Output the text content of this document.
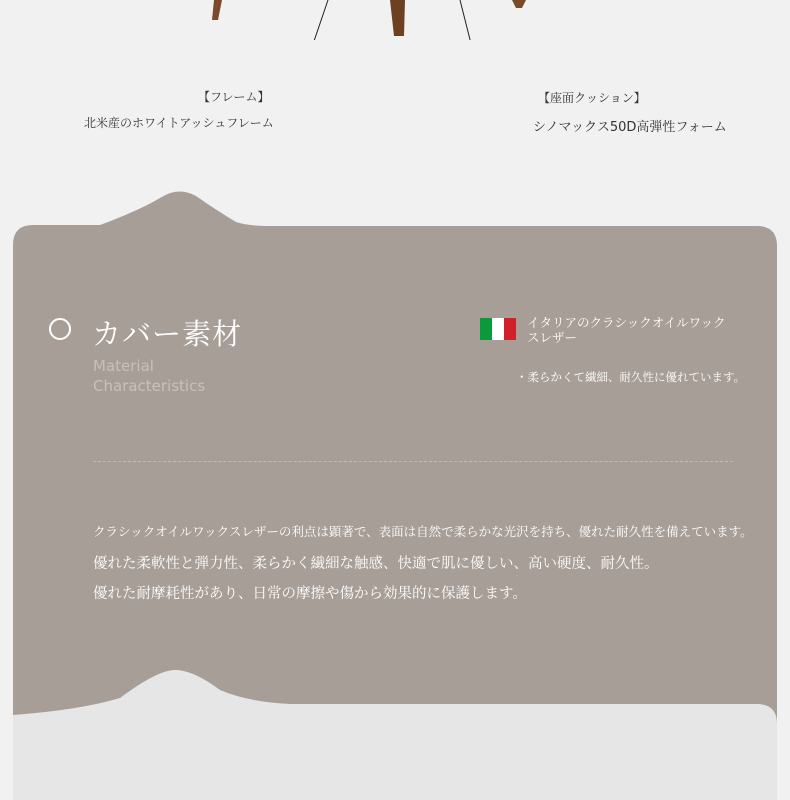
【フレーム】
北米産のホワイトアッシュフレーム
【座面クッション】
シノマックス50D高弾性フォーム
カバー素材
Material
Characteristics
イタリアのクラシックオイルワックスレザー
・柔らかくて繊細、耐久性に優れています。
クラシックオイルワックスレザーの利点は顕著で、表面は自然で柔らかな光沢を持ち、優れた耐久性を備えています。
優れた柔軟性と弾力性、柔らかく繊細な触感、快適で肌に優しい、高い硬度、耐久性。
優れた耐摩耗性があり、日常の摩擦や傷から効果的に保護します。
